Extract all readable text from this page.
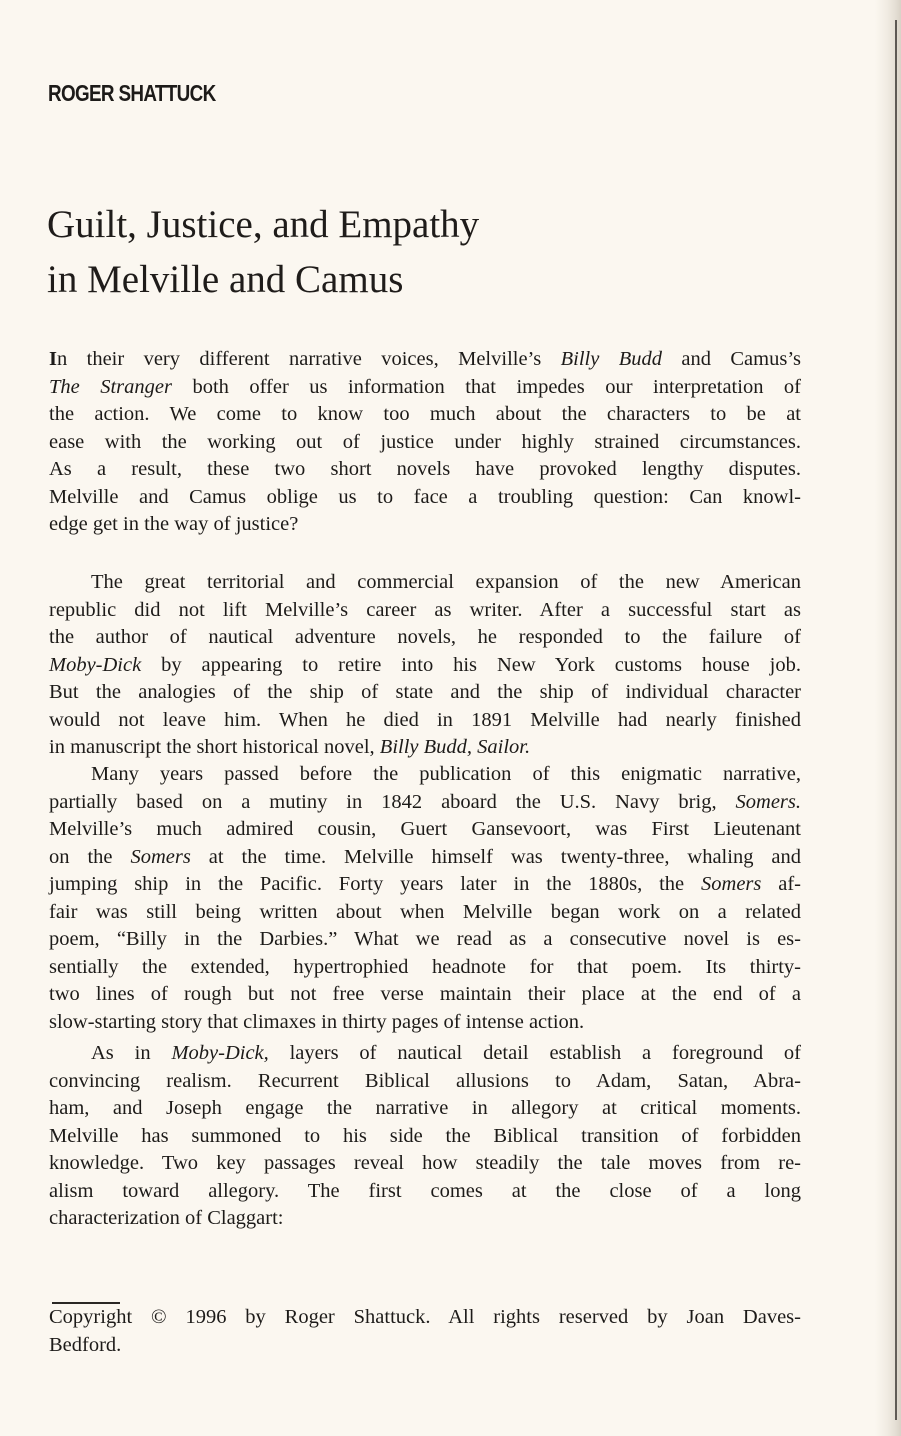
ROGER SHATTUCK
Guilt, Justice, and Empathy
in Melville and Camus

In their very different narrative voices, Melville’s Billy Budd and Camus’s
The Stranger both offer us information that impedes our interpretation of
the action. We come to know too much about the characters to be at
ease with the working out of justice under highly strained circumstances.
As a result, these two short novels have provoked lengthy disputes.
Melville and Camus oblige us to face a troubling question: Can knowl-
edge get in the way of justice?

The great territorial and commercial expansion of the new American
republic did not lift Melville’s career as writer. After a successful start as
the author of nautical adventure novels, he responded to the failure of
Moby-Dick by appearing to retire into his New York customs house job.
But the analogies of the ship of state and the ship of individual character
would not leave him. When he died in 1891 Melville had nearly finished
in manuscript the short historical novel, Billy Budd, Sailor.

Many years passed before the publication of this enigmatic narrative,
partially based on a mutiny in 1842 aboard the U.S. Navy brig, Somers.
Melville’s much admired cousin, Guert Gansevoort, was First Lieutenant
on the Somers at the time. Melville himself was twenty-three, whaling and
jumping ship in the Pacific. Forty years later in the 1880s, the Somers af-
fair was still being written about when Melville began work on a related
poem, “Billy in the Darbies.” What we read as a consecutive novel is es-
sentially the extended, hypertrophied headnote for that poem. Its thirty-
two lines of rough but not free verse maintain their place at the end of a
slow-starting story that climaxes in thirty pages of intense action.

As in Moby-Dick, layers of nautical detail establish a foreground of
convincing realism. Recurrent Biblical allusions to Adam, Satan, Abra-
ham, and Joseph engage the narrative in allegory at critical moments.
Melville has summoned to his side the Biblical transition of forbidden
knowledge. Two key passages reveal how steadily the tale moves from re-
alism toward allegory. The first comes at the close of a long
characterization of Claggart:

Copyright © 1996 by Roger Shattuck. All rights reserved by Joan Daves-
Bedford.
